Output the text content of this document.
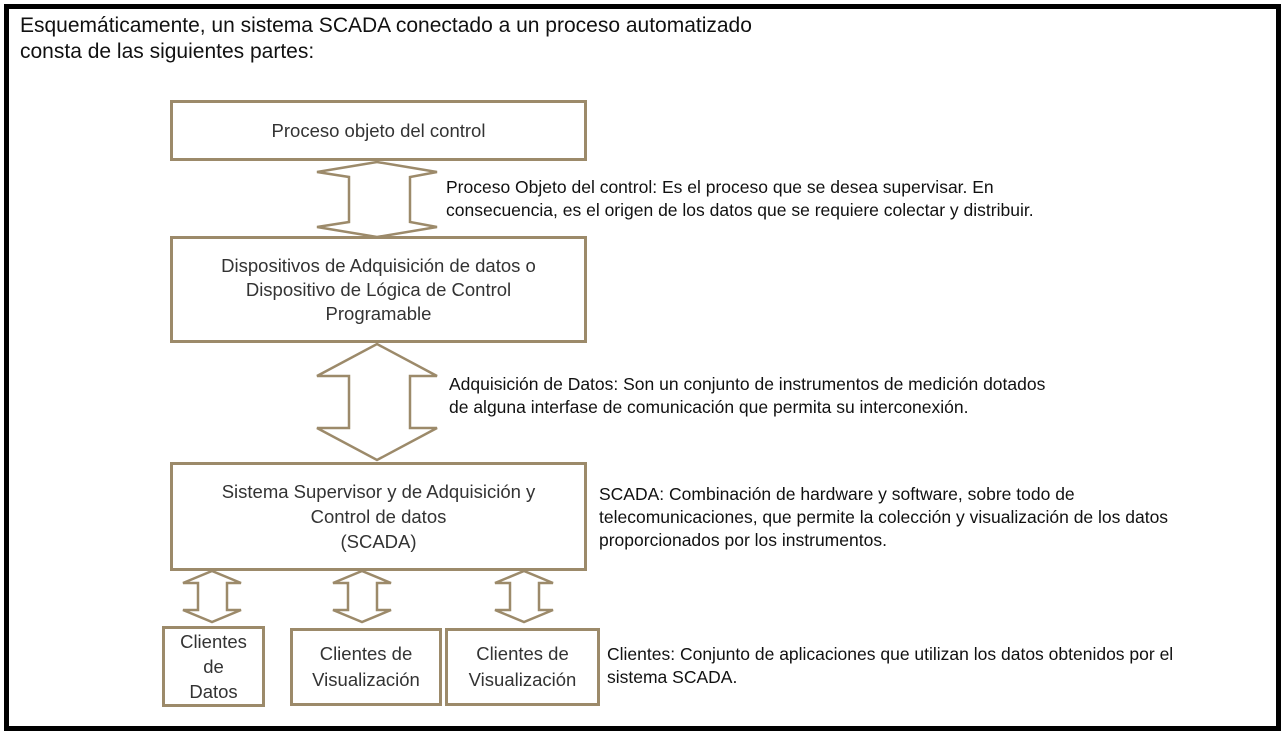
Esquemáticamente, un sistema SCADA conectado a un proceso automatizado
consta de las siguientes partes:
Proceso objeto del control
Dispositivos de Adquisición de datos o
Dispositivo de Lógica de Control
Programable
Sistema Supervisor y de Adquisición y
Control de datos
(SCADA)
Clientes
de
Datos
Clientes de
Visualización
Clientes de
Visualización
Proceso Objeto del control: Es el proceso que se desea supervisar. En
consecuencia, es el origen de los datos que se requiere colectar y distribuir.
Adquisición de Datos: Son un conjunto de instrumentos de medición dotados
de alguna interfase de comunicación que permita su interconexión.
SCADA: Combinación de hardware y software, sobre todo de
telecomunicaciones, que permite la colección y visualización de los datos
proporcionados por los instrumentos.
Clientes: Conjunto de aplicaciones que utilizan los datos obtenidos por el
sistema SCADA.
